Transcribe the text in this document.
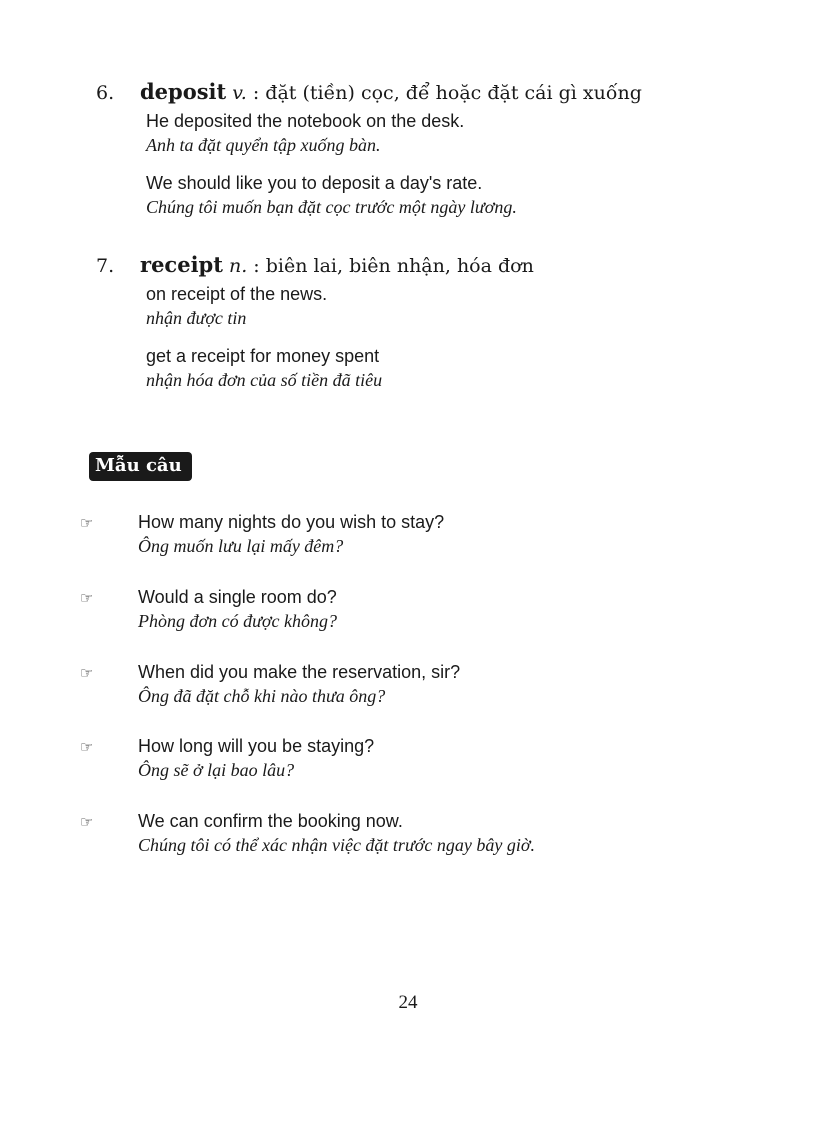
6. deposit v. : đặt (tiền) cọc, để hoặc đặt cái gì xuống
He deposited the notebook on the desk.
Anh ta đặt quyển tập xuống bàn.
We should like you to deposit a day's rate.
Chúng tôi muốn bạn đặt cọc trước một ngày lương.
7. receipt n. : biên lai, biên nhận, hóa đơn
on receipt of the news.
nhận được tin
get a receipt for money spent
nhận hóa đơn của số tiền đã tiêu
Mẫu câu
☞ How many nights do you wish to stay?
Ông muốn lưu lại mấy đêm?
☞ Would a single room do?
Phòng đơn có được không?
☞ When did you make the reservation, sir?
Ông đã đặt chỗ khi nào thưa ông?
☞ How long will you be staying?
Ông sẽ ở lại bao lâu?
☞ We can confirm the booking now.
Chúng tôi có thể xác nhận việc đặt trước ngay bây giờ.
24
